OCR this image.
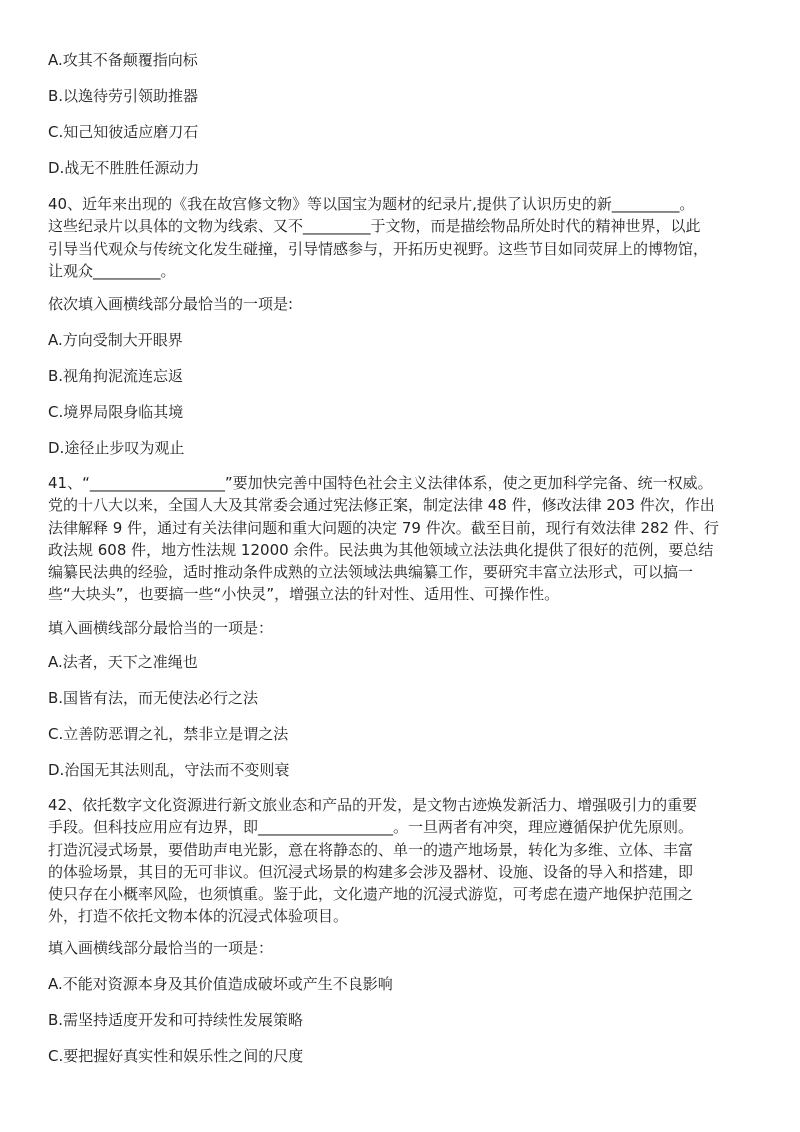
A.攻其不备颠覆指向标
B.以逸待劳引领助推器
C.知己知彼适应磨刀石
D.战无不胜胜任源动力
40、近年来出现的《我在故宫修文物》等以国宝为题材的纪录片,提供了认识历史的新_________。
这些纪录片以具体的文物为线索、又不_________于文物，而是描绘物品所处时代的精神世界，以此
引导当代观众与传统文化发生碰撞，引导情感参与，开拓历史视野。这些节目如同荧屏上的博物馆，
让观众_________。
依次填入画横线部分最恰当的一项是:
A.方向受制大开眼界
B.视角拘泥流连忘返
C.境界局限身临其境
D.途径止步叹为观止
41、“__________________”要加快完善中国特色社会主义法律体系，使之更加科学完备、统一权威。
党的十八大以来，全国人大及其常委会通过宪法修正案，制定法律 48 件，修改法律 203 件次，作出
法律解释 9 件，通过有关法律问题和重大问题的决定 79 件次。截至目前，现行有效法律 282 件、行
政法规 608 件，地方性法规 12000 余件。民法典为其他领域立法法典化提供了很好的范例，要总结
编纂民法典的经验，适时推动条件成熟的立法领域法典编纂工作，要研究丰富立法形式，可以搞一
些“大块头”，也要搞一些“小快灵”，增强立法的针对性、适用性、可操作性。
填入画横线部分最恰当的一项是：
A.法者，天下之准绳也
B.国皆有法，而无使法必行之法
C.立善防恶谓之礼，禁非立是谓之法
D.治国无其法则乱，守法而不变则衰
42、依托数字文化资源进行新文旅业态和产品的开发，是文物古迹焕发新活力、增强吸引力的重要
手段。但科技应用应有边界，即__________________。一旦两者有冲突，理应遵循保护优先原则。
打造沉浸式场景，要借助声电光影，意在将静态的、单一的遗产地场景，转化为多维、立体、丰富
的体验场景，其目的无可非议。但沉浸式场景的构建多会涉及器材、设施、设备的导入和搭建，即
使只存在小概率风险，也须慎重。鉴于此，文化遗产地的沉浸式游览，可考虑在遗产地保护范围之
外，打造不依托文物本体的沉浸式体验项目。
填入画横线部分最恰当的一项是：
A.不能对资源本身及其价值造成破坏或产生不良影响
B.需坚持适度开发和可持续性发展策略
C.要把握好真实性和娱乐性之间的尺度
